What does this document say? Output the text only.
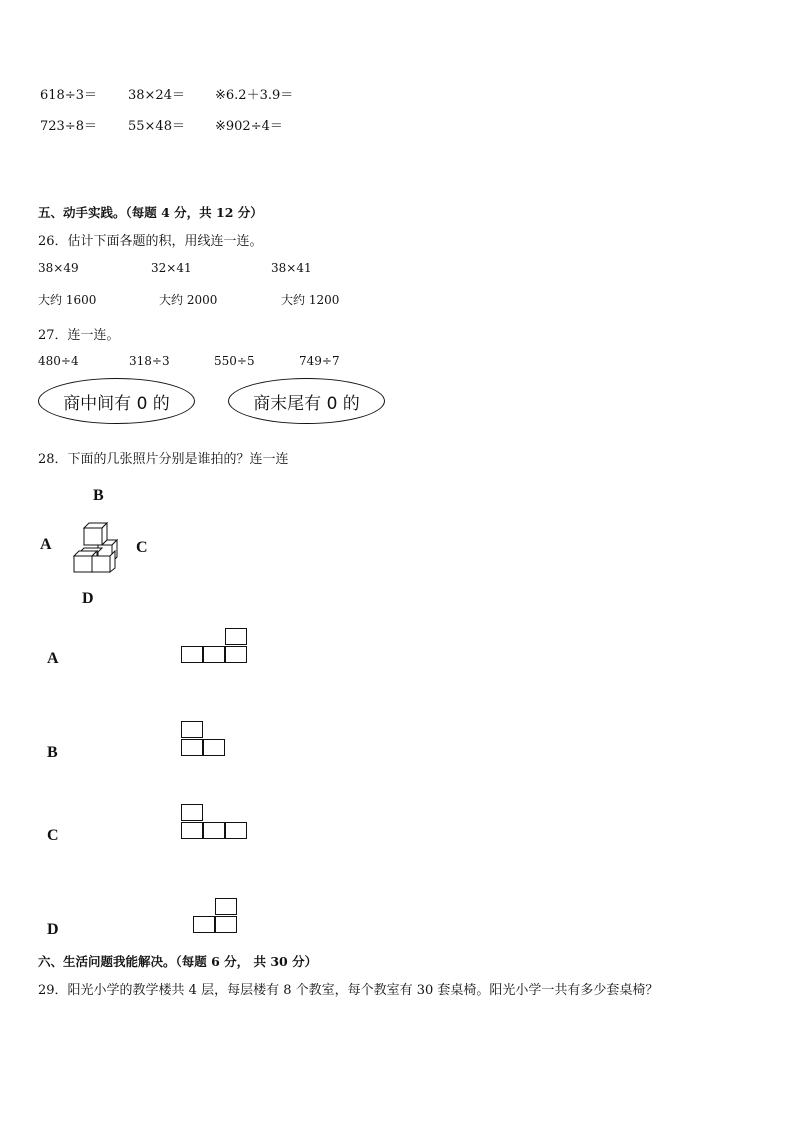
618÷3＝ 38×24＝ ※6.2＋3.9＝
723÷8＝ 55×48＝ ※902÷4＝
五、动手实践。（每题 4 分，共 12 分）
26．估计下面各题的积，用线连一连。
38×49	32×41	38×41
大约 1600	大约 2000	大约 1200
27．连一连。
480÷4	318÷3	550÷5	749÷7
商中间有 0 的	商末尾有 0 的
28．下面的几张照片分别是谁拍的？连一连
B
A	C
D
A
B
C
D
六、生活问题我能解决。（每题 6 分， 共 30 分）
29．阳光小学的教学楼共 4 层，每层楼有 8 个教室，每个教室有 30 套桌椅。阳光小学一共有多少套桌椅？
